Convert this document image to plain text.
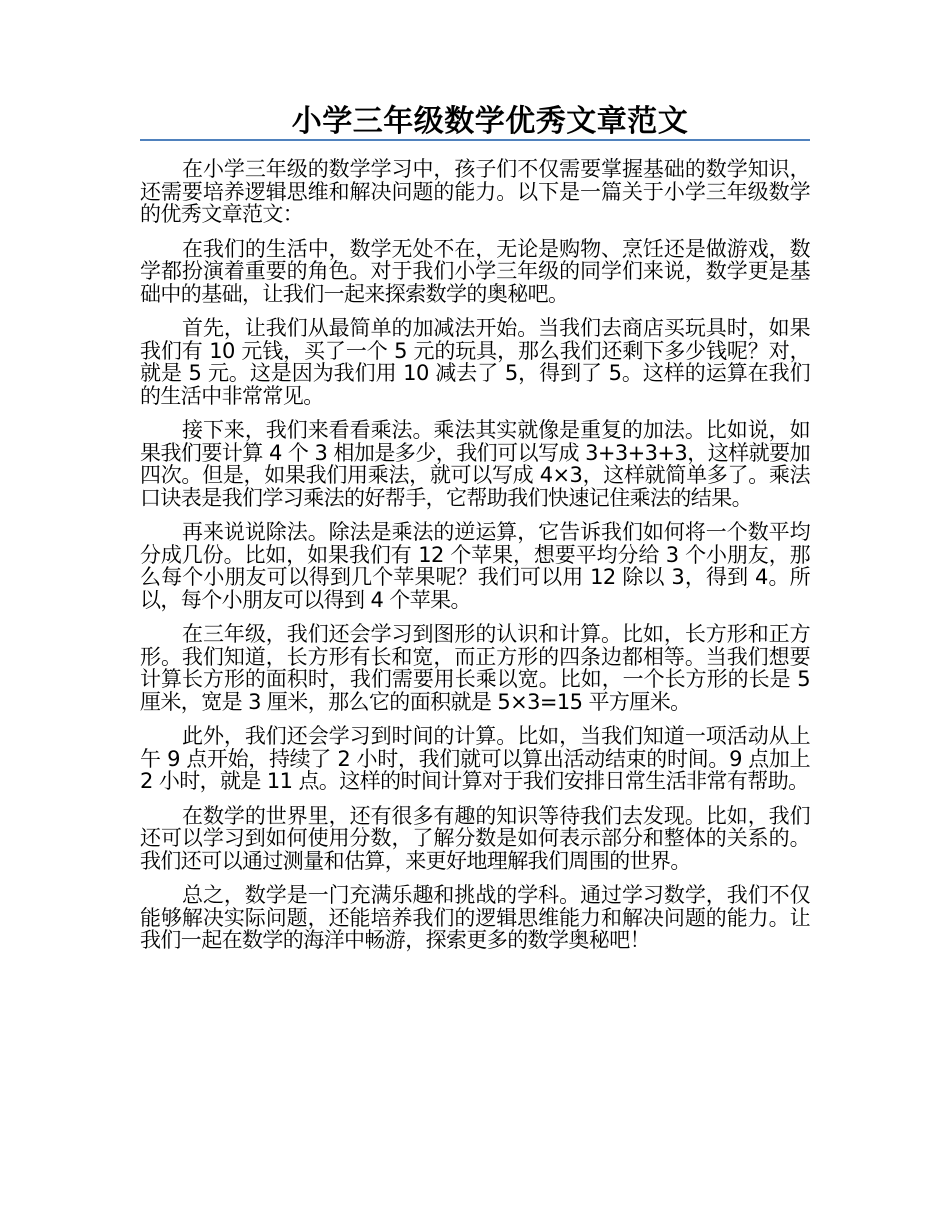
小学三年级数学优秀文章范文

在小学三年级的数学学习中，孩子们不仅需要掌握基础的数学知识，还需要培养逻辑思维和解决问题的能力。以下是一篇关于小学三年级数学的优秀文章范文：

在我们的生活中，数学无处不在，无论是购物、烹饪还是做游戏，数学都扮演着重要的角色。对于我们小学三年级的同学们来说，数学更是基础中的基础，让我们一起来探索数学的奥秘吧。

首先，让我们从最简单的加减法开始。当我们去商店买玩具时，如果我们有 10 元钱，买了一个 5 元的玩具，那么我们还剩下多少钱呢？对，就是 5 元。这是因为我们用 10 减去了 5，得到了 5。这样的运算在我们的生活中非常常见。

接下来，我们来看看乘法。乘法其实就像是重复的加法。比如说，如果我们要计算 4 个 3 相加是多少，我们可以写成 3+3+3+3，这样就要加四次。但是，如果我们用乘法，就可以写成 4×3，这样就简单多了。乘法口诀表是我们学习乘法的好帮手，它帮助我们快速记住乘法的结果。

再来说说除法。除法是乘法的逆运算，它告诉我们如何将一个数平均分成几份。比如，如果我们有 12 个苹果，想要平均分给 3 个小朋友，那么每个小朋友可以得到几个苹果呢？我们可以用 12 除以 3，得到 4。所以，每个小朋友可以得到 4 个苹果。

在三年级，我们还会学习到图形的认识和计算。比如，长方形和正方形。我们知道，长方形有长和宽，而正方形的四条边都相等。当我们想要计算长方形的面积时，我们需要用长乘以宽。比如，一个长方形的长是 5 厘米，宽是 3 厘米，那么它的面积就是 5×3=15 平方厘米。

此外，我们还会学习到时间的计算。比如，当我们知道一项活动从上午 9 点开始，持续了 2 小时，我们就可以算出活动结束的时间。9 点加上 2 小时，就是 11 点。这样的时间计算对于我们安排日常生活非常有帮助。

在数学的世界里，还有很多有趣的知识等待我们去发现。比如，我们还可以学习到如何使用分数，了解分数是如何表示部分和整体的关系的。我们还可以通过测量和估算，来更好地理解我们周围的世界。

总之，数学是一门充满乐趣和挑战的学科。通过学习数学，我们不仅能够解决实际问题，还能培养我们的逻辑思维能力和解决问题的能力。让我们一起在数学的海洋中畅游，探索更多的数学奥秘吧！
